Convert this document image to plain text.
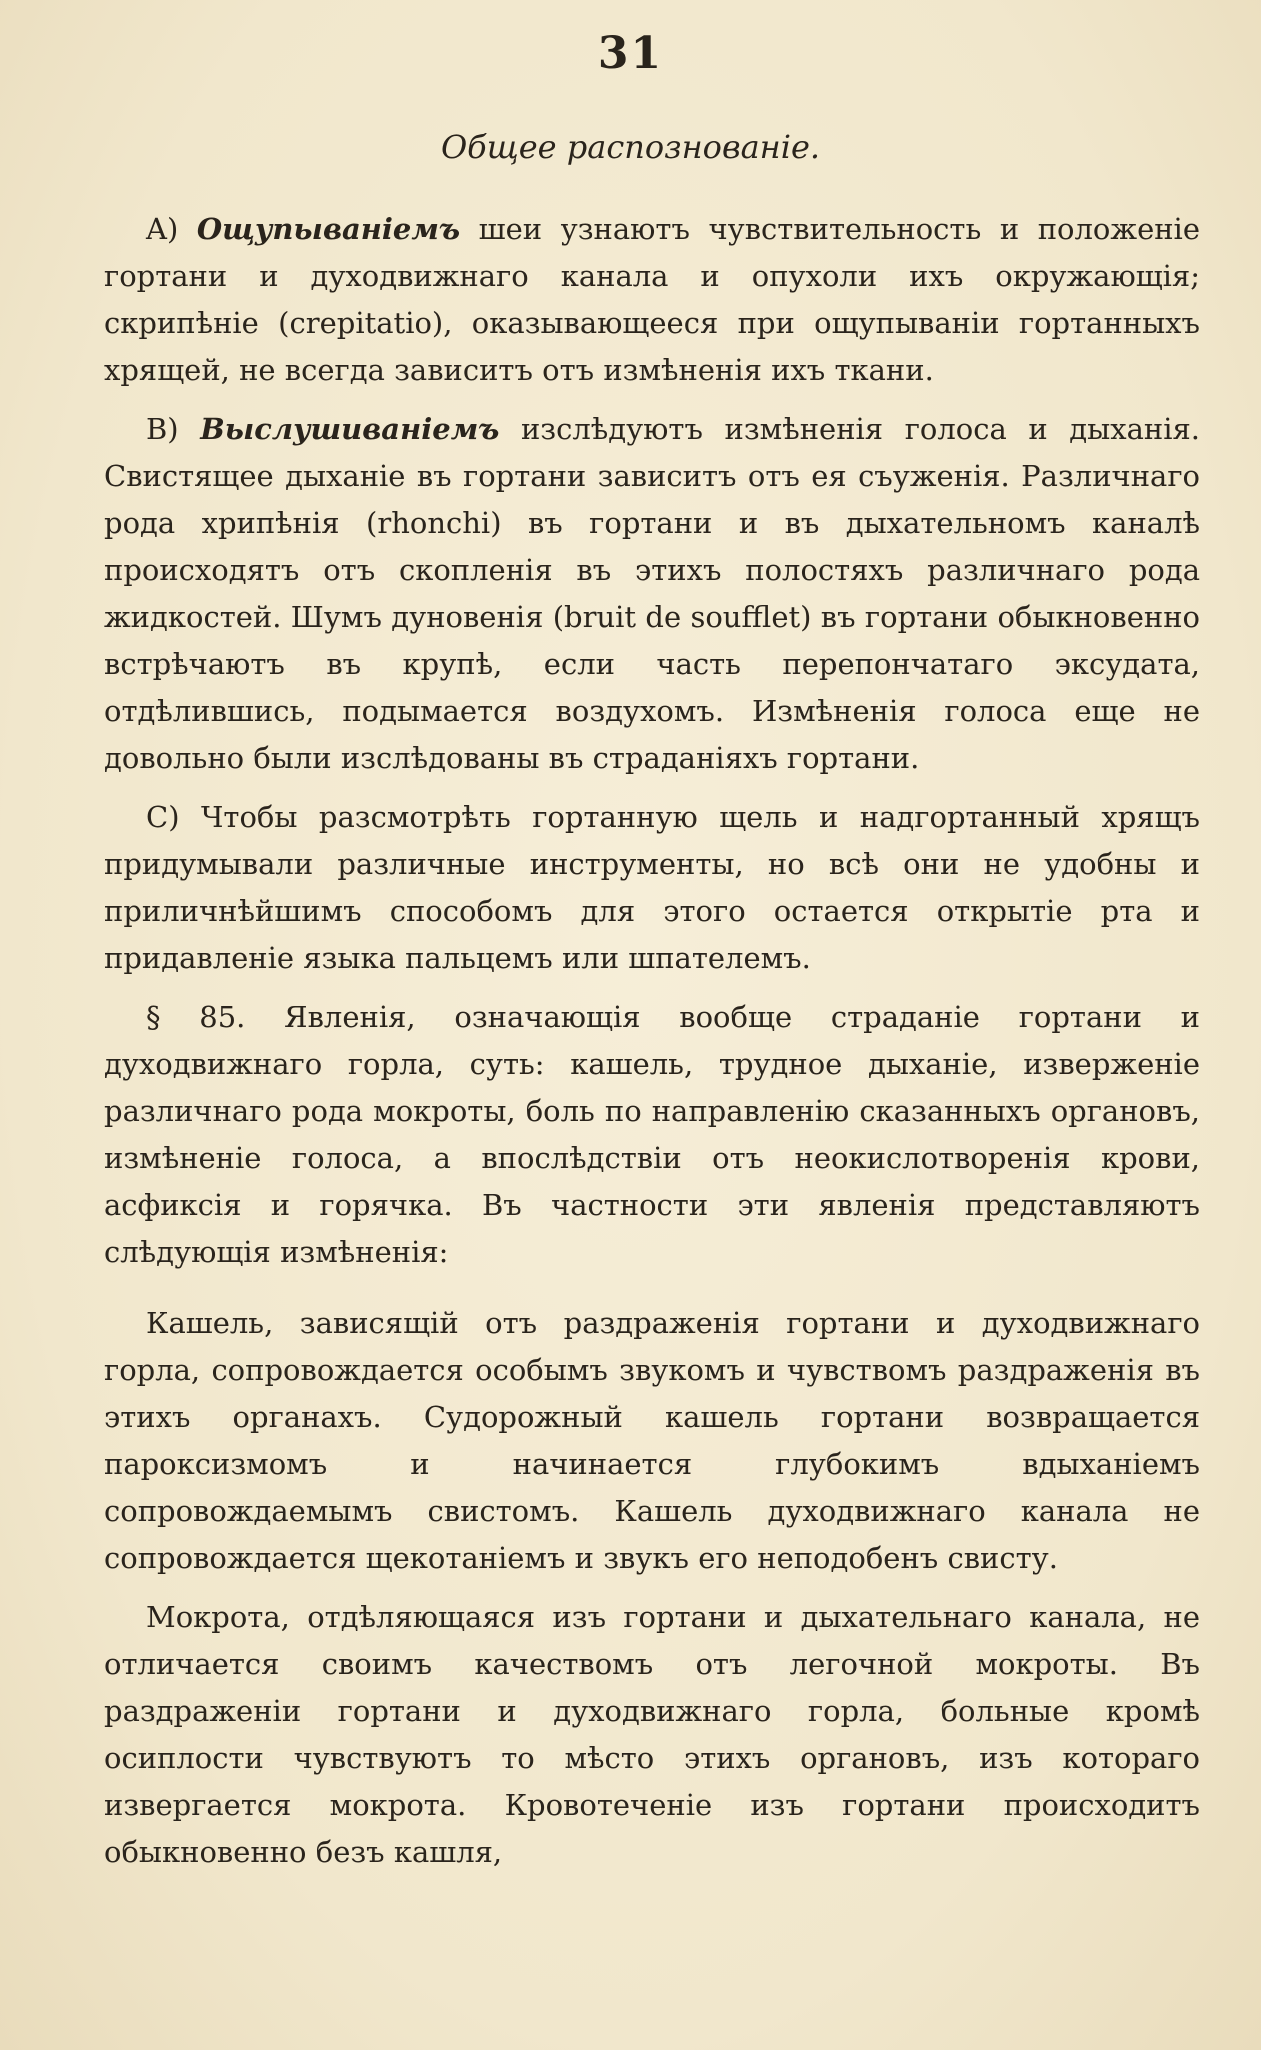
31
Общее распознованіе.

A) Ощупываніемъ шеи узнаютъ чувствительность и положеніе гортани и духодвижнаго канала и опухоли ихъ окружающія; скрипѣніе (crepitatio), оказывающееся при ощупываніи гортанныхъ хрящей, не всегда зависитъ отъ измѣненія ихъ ткани.

B) Выслушиваніемъ изслѣдуютъ измѣненія голоса и дыханія. Свистящее дыханіе въ гортани зависитъ отъ ея съуженія. Различнаго рода хрипѣнія (rhonchi) въ гортани и въ дыхательномъ каналѣ происходятъ отъ скопленія въ этихъ полостяхъ различнаго рода жидкостей. Шумъ дуновенія (bruit de soufflet) въ гортани обыкновенно встрѣчаютъ въ крупѣ, если часть перепончатаго эксудата, отдѣлившись, подымается воздухомъ. Измѣненія голоса еще не довольно были изслѣдованы въ страданіяхъ гортани.

C) Чтобы разсмотрѣть гортанную щель и надгортанный хрящъ придумывали различные инструменты, но всѣ они не удобны и приличнѣйшимъ способомъ для этого остается открытіе рта и придавленіе языка пальцемъ или шпателемъ.

§ 85. Явленія, означающія вообще страданіе гортани и духодвижнаго горла, суть: кашель, трудное дыханіе, изверженіе различнаго рода мокроты, боль по направленію сказанныхъ органовъ, измѣненіе голоса, а впослѣдствіи отъ неокислотворенія крови, асфиксія и горячка. Въ частности эти явленія представляютъ слѣдующія измѣненія:

Кашель, зависящій отъ раздраженія гортани и духодвижнаго горла, сопровождается особымъ звукомъ и чувствомъ раздраженія въ этихъ органахъ. Судорожный кашель гортани возвращается пароксизмомъ и начинается глубокимъ вдыханіемъ сопровождаемымъ свистомъ. Кашель духодвижнаго канала не сопровождается щекотаніемъ и звукъ его неподобенъ свисту.

Мокрота, отдѣляющаяся изъ гортани и дыхательнаго канала, не отличается своимъ качествомъ отъ легочной мокроты. Въ раздраженіи гортани и духодвижнаго горла, больные кромѣ осиплости чувствуютъ то мѣсто этихъ органовъ, изъ котораго извергается мокрота. Кровотеченіе изъ гортани происходитъ обыкновенно безъ кашля,
